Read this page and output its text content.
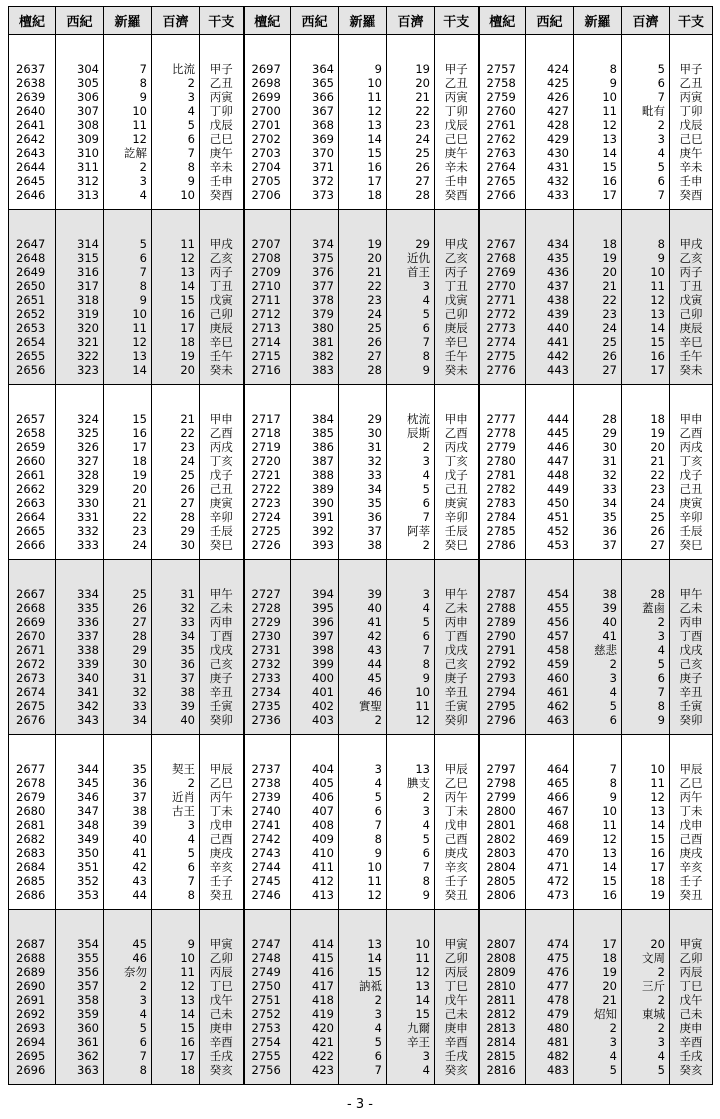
檀紀	西紀	新羅	百濟	干支	檀紀	西紀	新羅	百濟	干支	檀紀	西紀	新羅	百濟	干支

2637	304	7	比流	甲子	2697	364	9	19	甲子	2757	424	8	5	甲子
2638	305	8	2	乙丑	2698	365	10	20	乙丑	2758	425	9	6	乙丑
2639	306	9	3	丙寅	2699	366	11	21	丙寅	2759	426	10	7	丙寅
2640	307	10	4	丁卯	2700	367	12	22	丁卯	2760	427	11	毗有	丁卯
2641	308	11	5	戊辰	2701	368	13	23	戊辰	2761	428	12	2	戊辰
2642	309	12	6	己巳	2702	369	14	24	己巳	2762	429	13	3	己巳
2643	310	訖解	7	庚午	2703	370	15	25	庚午	2763	430	14	4	庚午
2644	311	2	8	辛未	2704	371	16	26	辛未	2764	431	15	5	辛未
2645	312	3	9	壬申	2705	372	17	27	壬申	2765	432	16	6	壬申
2646	313	4	10	癸酉	2706	373	18	28	癸酉	2766	433	17	7	癸酉

2647	314	5	11	甲戌	2707	374	19	29	甲戌	2767	434	18	8	甲戌
2648	315	6	12	乙亥	2708	375	20	近仇	乙亥	2768	435	19	9	乙亥
2649	316	7	13	丙子	2709	376	21	首王	丙子	2769	436	20	10	丙子
2650	317	8	14	丁丑	2710	377	22	3	丁丑	2770	437	21	11	丁丑
2651	318	9	15	戊寅	2711	378	23	4	戊寅	2771	438	22	12	戊寅
2652	319	10	16	己卯	2712	379	24	5	己卯	2772	439	23	13	己卯
2653	320	11	17	庚辰	2713	380	25	6	庚辰	2773	440	24	14	庚辰
2654	321	12	18	辛巳	2714	381	26	7	辛巳	2774	441	25	15	辛巳
2655	322	13	19	壬午	2715	382	27	8	壬午	2775	442	26	16	壬午
2656	323	14	20	癸未	2716	383	28	9	癸未	2776	443	27	17	癸未

2657	324	15	21	甲申	2717	384	29	枕流	甲申	2777	444	28	18	甲申
2658	325	16	22	乙酉	2718	385	30	辰斯	乙酉	2778	445	29	19	乙酉
2659	326	17	23	丙戌	2719	386	31	2	丙戌	2779	446	30	20	丙戌
2660	327	18	24	丁亥	2720	387	32	3	丁亥	2780	447	31	21	丁亥
2661	328	19	25	戊子	2721	388	33	4	戊子	2781	448	32	22	戊子
2662	329	20	26	己丑	2722	389	34	5	己丑	2782	449	33	23	己丑
2663	330	21	27	庚寅	2723	390	35	6	庚寅	2783	450	34	24	庚寅
2664	331	22	28	辛卯	2724	391	36	7	辛卯	2784	451	35	25	辛卯
2665	332	23	29	壬辰	2725	392	37	阿莘	壬辰	2785	452	36	26	壬辰
2666	333	24	30	癸巳	2726	393	38	2	癸巳	2786	453	37	27	癸巳

2667	334	25	31	甲午	2727	394	39	3	甲午	2787	454	38	28	甲午
2668	335	26	32	乙未	2728	395	40	4	乙未	2788	455	39	蓋鹵	乙未
2669	336	27	33	丙申	2729	396	41	5	丙申	2789	456	40	2	丙申
2670	337	28	34	丁酉	2730	397	42	6	丁酉	2790	457	41	3	丁酉
2671	338	29	35	戊戌	2731	398	43	7	戊戌	2791	458	慈悲	4	戊戌
2672	339	30	36	己亥	2732	399	44	8	己亥	2792	459	2	5	己亥
2673	340	31	37	庚子	2733	400	45	9	庚子	2793	460	3	6	庚子
2674	341	32	38	辛丑	2734	401	46	10	辛丑	2794	461	4	7	辛丑
2675	342	33	39	壬寅	2735	402	實聖	11	壬寅	2795	462	5	8	壬寅
2676	343	34	40	癸卯	2736	403	2	12	癸卯	2796	463	6	9	癸卯

2677	344	35	契王	甲辰	2737	404	3	13	甲辰	2797	464	7	10	甲辰
2678	345	36	2	乙巳	2738	405	4	腆支	乙巳	2798	465	8	11	乙巳
2679	346	37	近肖	丙午	2739	406	5	2	丙午	2799	466	9	12	丙午
2680	347	38	古王	丁未	2740	407	6	3	丁未	2800	467	10	13	丁未
2681	348	39	3	戊申	2741	408	7	4	戊申	2801	468	11	14	戊申
2682	349	40	4	己酉	2742	409	8	5	己酉	2802	469	12	15	己酉
2683	350	41	5	庚戌	2743	410	9	6	庚戌	2803	470	13	16	庚戌
2684	351	42	6	辛亥	2744	411	10	7	辛亥	2804	471	14	17	辛亥
2685	352	43	7	壬子	2745	412	11	8	壬子	2805	472	15	18	壬子
2686	353	44	8	癸丑	2746	413	12	9	癸丑	2806	473	16	19	癸丑

2687	354	45	9	甲寅	2747	414	13	10	甲寅	2807	474	17	20	甲寅
2688	355	46	10	乙卯	2748	415	14	11	乙卯	2808	475	18	文周	乙卯
2689	356	奈勿	11	丙辰	2749	416	15	12	丙辰	2809	476	19	2	丙辰
2690	357	2	12	丁巳	2750	417	訥祗	13	丁巳	2810	477	20	三斤	丁巳
2691	358	3	13	戊午	2751	418	2	14	戊午	2811	478	21	2	戊午
2692	359	4	14	己未	2752	419	3	15	己未	2812	479	炤知	東城	己未
2693	360	5	15	庚申	2753	420	4	九爾	庚申	2813	480	2	2	庚申
2694	361	6	16	辛酉	2754	421	5	辛王	辛酉	2814	481	3	3	辛酉
2695	362	7	17	壬戌	2755	422	6	3	壬戌	2815	482	4	4	壬戌
2696	363	8	18	癸亥	2756	423	7	4	癸亥	2816	483	5	5	癸亥

- 3 -
